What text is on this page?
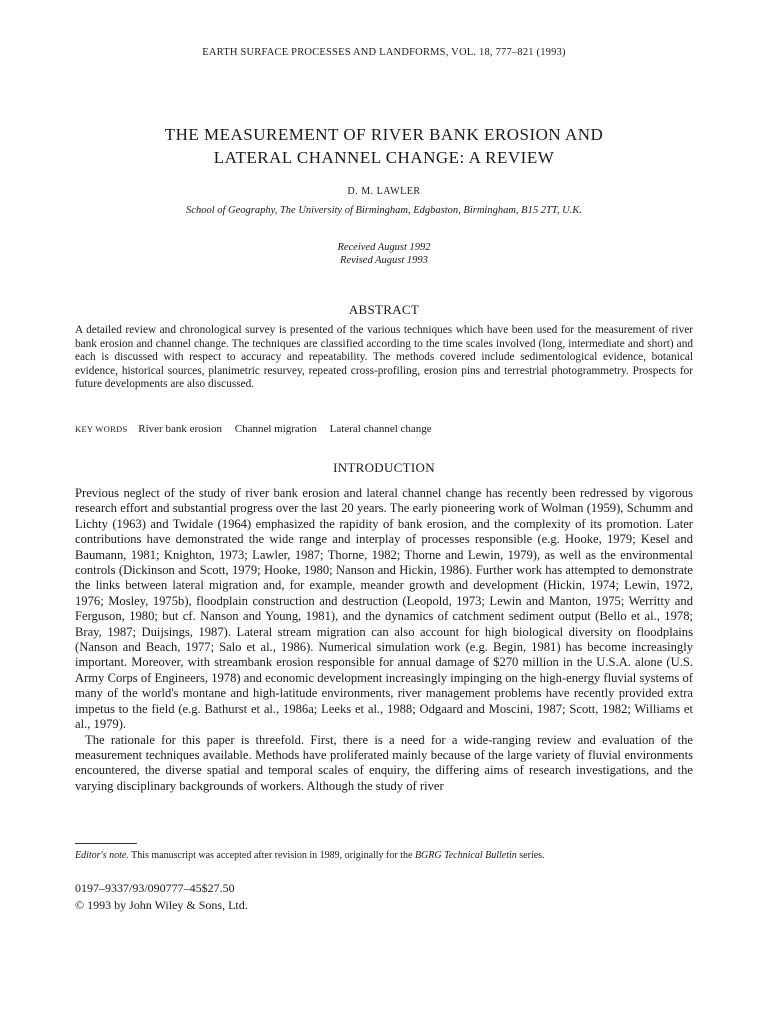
EARTH SURFACE PROCESSES AND LANDFORMS, VOL. 18, 777–821 (1993)
THE MEASUREMENT OF RIVER BANK EROSION AND
LATERAL CHANNEL CHANGE: A REVIEW
D. M. LAWLER
School of Geography, The University of Birmingham, Edgbaston, Birmingham, B15 2TT, U.K.
Received August 1992
Revised August 1993
ABSTRACT
A detailed review and chronological survey is presented of the various techniques which have been used for the measurement of river bank erosion and channel change. The techniques are classified according to the time scales involved (long, intermediate and short) and each is discussed with respect to accuracy and repeatability. The methods covered include sedimentological evidence, botanical evidence, historical sources, planimetric resurvey, repeated cross-profiling, erosion pins and terrestrial photogrammetry. Prospects for future developments are also discussed.
KEY WORDS River bank erosion Channel migration Lateral channel change
INTRODUCTION

Previous neglect of the study of river bank erosion and lateral channel change has recently been redressed by vigorous research effort and substantial progress over the last 20 years. The early pioneering work of Wolman (1959), Schumm and Lichty (1963) and Twidale (1964) emphasized the rapidity of bank erosion, and the complexity of its promotion. Later contributions have demonstrated the wide range and interplay of processes responsible (e.g. Hooke, 1979; Kesel and Baumann, 1981; Knighton, 1973; Lawler, 1987; Thorne, 1982; Thorne and Lewin, 1979), as well as the environmental controls (Dickinson and Scott, 1979; Hooke, 1980; Nanson and Hickin, 1986). Further work has attempted to demonstrate the links between lateral migration and, for example, meander growth and development (Hickin, 1974; Lewin, 1972, 1976; Mosley, 1975b), floodplain construction and destruction (Leopold, 1973; Lewin and Manton, 1975; Werritty and Ferguson, 1980; but cf. Nanson and Young, 1981), and the dynamics of catchment sediment output (Bello et al., 1978; Bray, 1987; Duijsings, 1987). Lateral stream migration can also account for high biological diversity on floodplains (Nanson and Beach, 1977; Salo et al., 1986). Numerical simulation work (e.g. Begin, 1981) has become increasingly important. Moreover, with streambank erosion responsible for annual damage of $270 million in the U.S.A. alone (U.S. Army Corps of Engineers, 1978) and economic development increasingly impinging on the high-energy fluvial systems of many of the world's montane and high-latitude environments, river management problems have recently provided extra impetus to the field (e.g. Bathurst et al., 1986a; Leeks et al., 1988; Odgaard and Moscini, 1987; Scott, 1982; Williams et al., 1979).

The rationale for this paper is threefold. First, there is a need for a wide-ranging review and evaluation of the measurement techniques available. Methods have proliferated mainly because of the large variety of fluvial environments encountered, the diverse spatial and temporal scales of enquiry, the differing aims of research investigations, and the varying disciplinary backgrounds of workers. Although the study of river

Editor's note. This manuscript was accepted after revision in 1989, originally for the BGRG Technical Bulletin series.
0197–9337/93/090777–45$27.50
© 1993 by John Wiley & Sons, Ltd.
